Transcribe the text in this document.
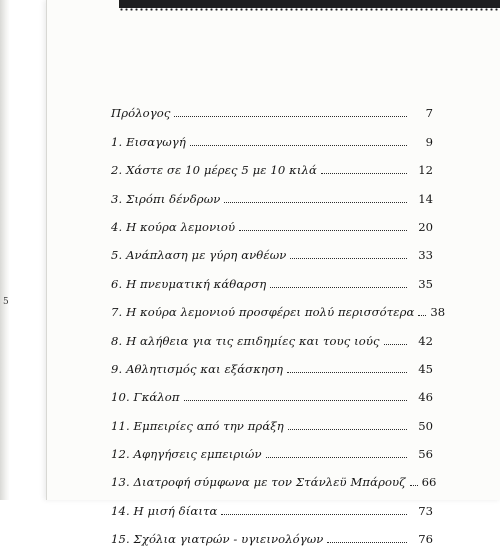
5
Πρόλογος	7
1. Εισαγωγή	9
2. Χάστε σε 10 μέρες 5 με 10 κιλά	12
3. Σιρόπι δένδρων	14
4. Η κούρα λεμονιού	20
5. Ανάπλαση με γύρη ανθέων	33
6. Η πνευματική κάθαρση	35
7. Η κούρα λεμονιού προσφέρει πολύ περισσότερα 38
8. Η αλήθεια για τις επιδημίες και τους ιούς	42
9. Αθλητισμός και εξάσκηση	45
10. Γκάλοπ	46
11. Εμπειρίες από την πράξη	50
12. Αφηγήσεις εμπειριών	56
13. Διατροφή σύμφωνα με τον Στάνλεϋ Μπάρουζ 66
14. Η μισή δίαιτα	73
15. Σχόλια γιατρών - υγιεινολόγων	76
